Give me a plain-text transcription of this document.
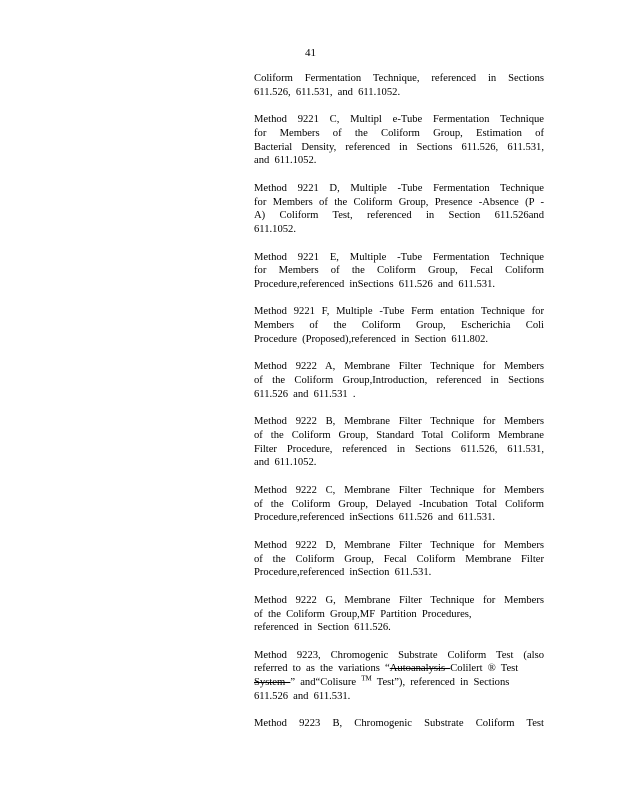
41

Coliform Fermentation Technique, referenced in Sections
611.526, 611.531, and 611.1052.

Method 9221 C, Multipl e-Tube Fermentation Technique
for Members of the Coliform Group, Estimation of
Bacterial Density, referenced in Sections 611.526, 611.531,
and 611.1052.

Method 9221 D, Multiple -Tube Fermentation Technique
for Members of the Coliform Group, Presence -Absence (P -
A) Coliform Test, referenced in Section 611.526and
611.1052.

Method 9221 E, Multiple -Tube Fermentation Technique
for Members of the Coliform Group, Fecal Coliform
Procedure,referenced inSections 611.526 and 611.531.

Method 9221 F, Multiple -Tube Ferm entation Technique for
Members of the Coliform Group, Escherichia Coli
Procedure (Proposed),referenced in Section 611.802.

Method 9222 A, Membrane Filter Technique for Members
of the Coliform Group,Introduction, referenced in Sections
611.526 and 611.531 .

Method 9222 B, Membrane Filter Technique for Members
of the Coliform Group, Standard Total Coliform Membrane
Filter Procedure, referenced in Sections 611.526, 611.531,
and 611.1052.

Method 9222 C, Membrane Filter Technique for Members
of the Coliform Group, Delayed -Incubation Total Coliform
Procedure,referenced inSections 611.526 and 611.531.

Method 9222 D, Membrane Filter Technique for Members
of the Coliform Group, Fecal Coliform Membrane Filter
Procedure,referenced inSection 611.531.

Method 9222 G, Membrane Filter Technique for Members
of the Coliform Group,MF Partition Procedures,
referenced in Section 611.526.

Method 9223, Chromogenic Substrate Coliform Test (also
referred to as the variations “Autoanalysis Colilert ® Test
System ” and“Colisure ™ Test”), referenced in Sections
611.526 and 611.531.

Method 9223 B, Chromogenic Substrate Coliform Test
